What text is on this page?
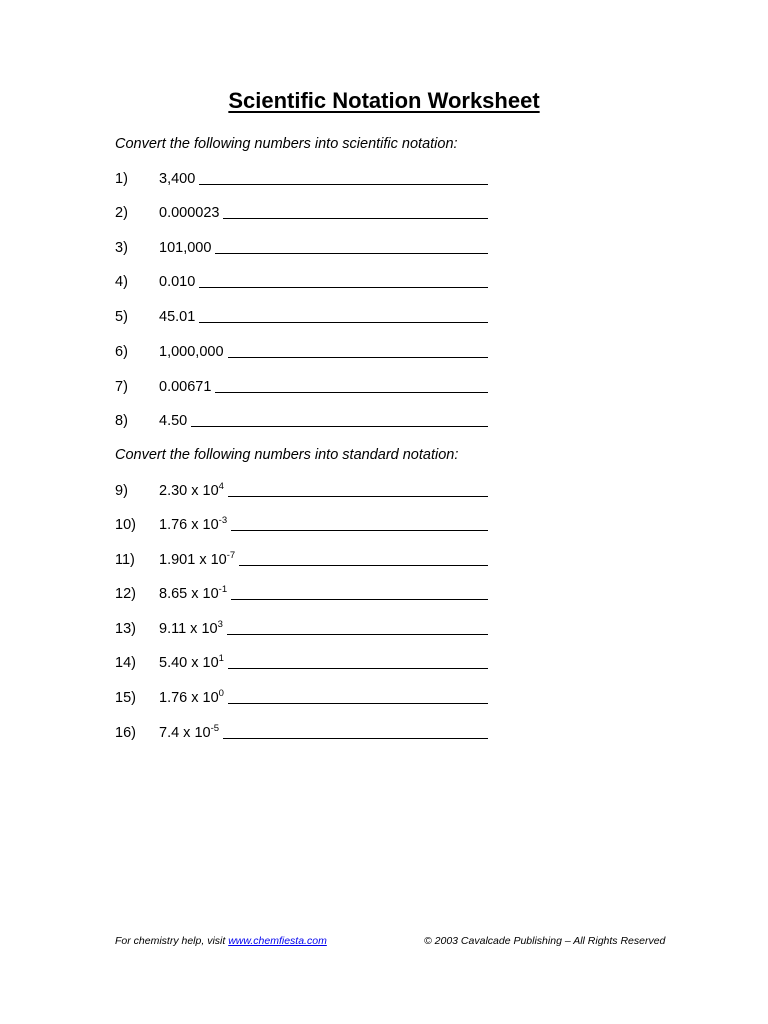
Scientific Notation Worksheet
Convert the following numbers into scientific notation:
1) 3,400
2) 0.000023
3) 101,000
4) 0.010
5) 45.01
6) 1,000,000
7) 0.00671
8) 4.50
Convert the following numbers into standard notation:
9) 2.30 x $10^4$
10) 1.76 x $10^{-3}$
11) 1.901 x $10^{-7}$
12) 8.65 x $10^{-1}$
13) 9.11 x $10^3$
14) 5.40 x $10^1$
15) 1.76 x $10^0$
16) 7.4 x $10^{-5}$
For chemistry help, visit www.chemfiesta.com	© 2003 Cavalcade Publishing – All Rights Reserved
